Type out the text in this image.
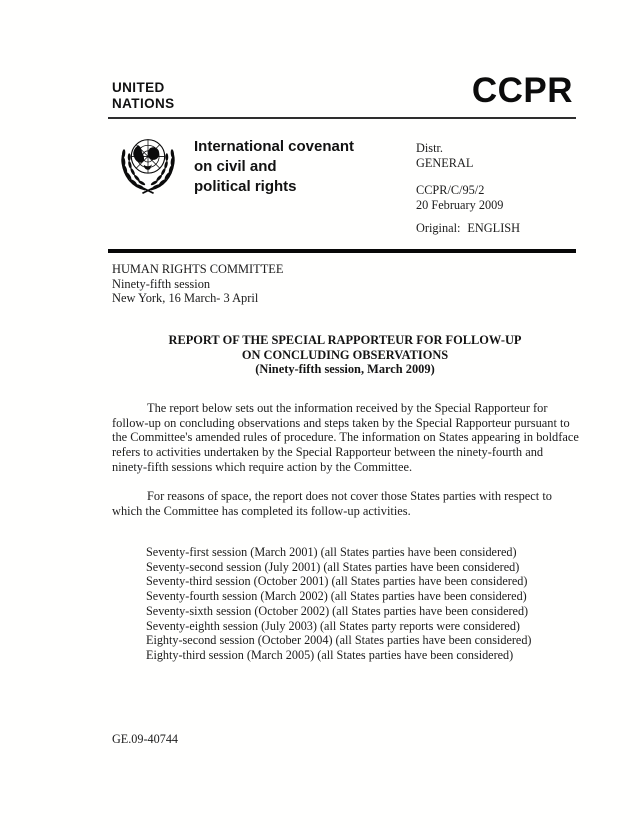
UNITED
NATIONS	CCPR
International covenant
on civil and
political rights
Distr.
GENERAL
CCPR/C/95/2
20 February 2009
Original: ENGLISH
HUMAN RIGHTS COMMITTEE
Ninety-fifth session
New York, 16 March- 3 April
REPORT OF THE SPECIAL RAPPORTEUR FOR FOLLOW-UP
ON CONCLUDING OBSERVATIONS
(Ninety-fifth session, March 2009)

The report below sets out the information received by the Special Rapporteur for follow-up on concluding observations and steps taken by the Special Rapporteur pursuant to the Committee's amended rules of procedure. The information on States appearing in boldface refers to activities undertaken by the Special Rapporteur between the ninety-fourth and ninety-fifth sessions which require action by the Committee.

For reasons of space, the report does not cover those States parties with respect to which the Committee has completed its follow-up activities.

Seventy-first session (March 2001) (all States parties have been considered)
Seventy-second session (July 2001) (all States parties have been considered)
Seventy-third session (October 2001) (all States parties have been considered)
Seventy-fourth session (March 2002) (all States parties have been considered)
Seventy-sixth session (October 2002) (all States parties have been considered)
Seventy-eighth session (July 2003) (all States party reports were considered)
Eighty-second session (October 2004) (all States parties have been considered)
Eighty-third session (March 2005) (all States parties have been considered)
GE.09-40744
